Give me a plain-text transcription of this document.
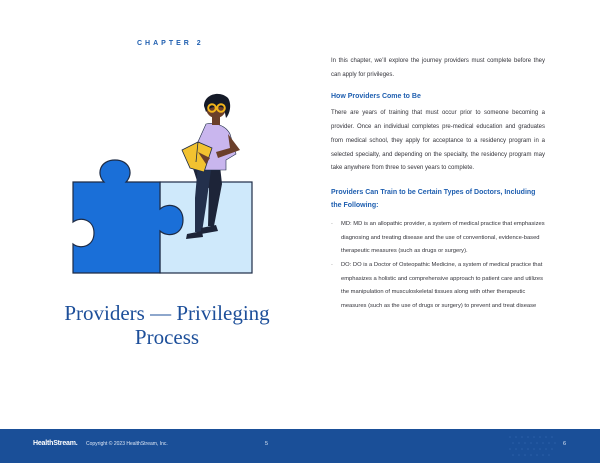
CHAPTER 2
Providers — Privileging Process

In this chapter, we’ll explore the journey providers must complete before they can apply for privileges.

How Providers Come to Be

There are years of training that must occur prior to someone becoming a provider. Once an individual completes pre-medical education and graduates from medical school, they apply for acceptance to a residency program in a selected specialty, and depending on the specialty, the residency program may take anywhere from three to seven years to complete.

Providers Can Train to be Certain Types of Doctors, Including the Following:

· MD: MD is an allopathic provider, a system of medical practice that emphasizes diagnosing and treating disease and the use of conventional, evidence-based therapeutic measures (such as drugs or surgery).
· DO: DO is a Doctor of Osteopathic Medicine, a system of medical practice that emphasizes a holistic and comprehensive approach to patient care and utilizes the manipulation of musculoskeletal tissues along with other therapeutic measures (such as the use of drugs or surgery) to prevent and treat disease
HealthStream. Copyright © 2023 HealthStream, Inc.	5	6
